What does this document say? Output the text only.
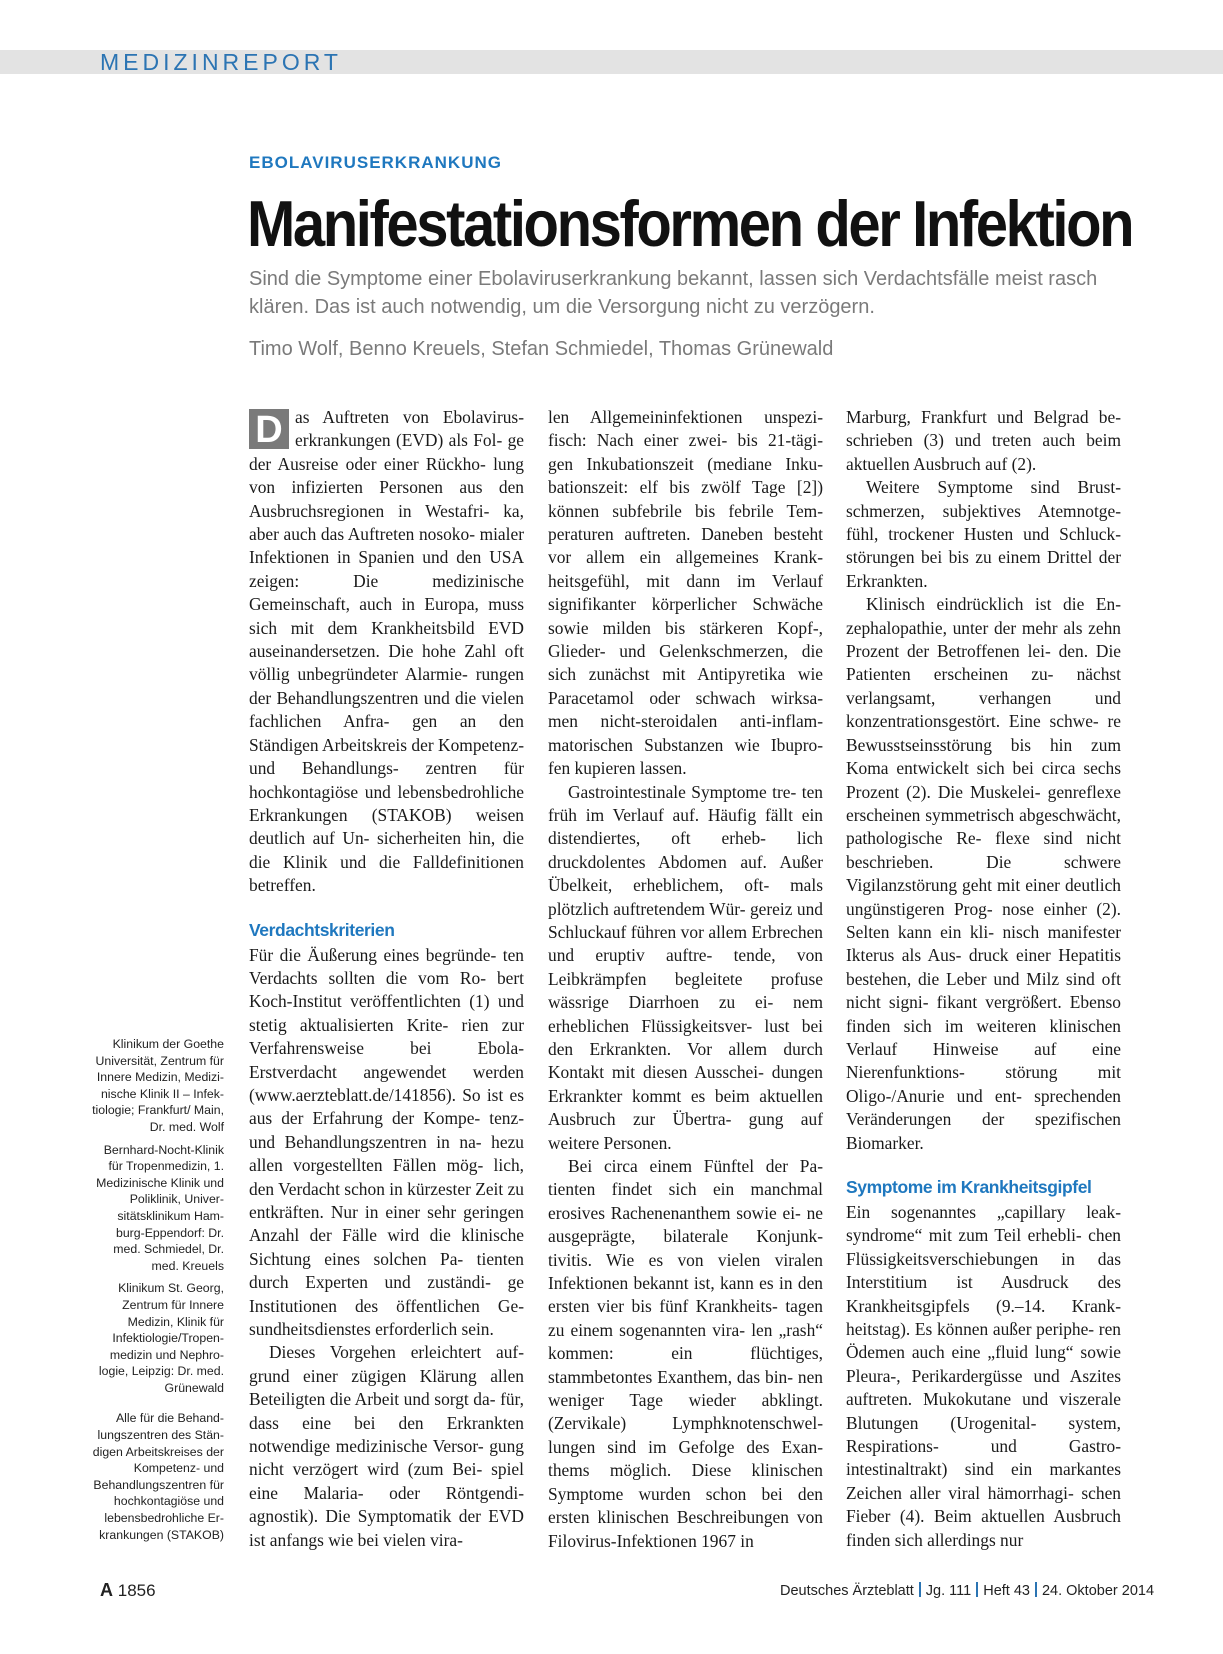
MEDIZINREPORT
EBOLAVIRUSERKRANKUNG
Manifestationsformen der Infektion
Sind die Symptome einer Ebolaviruserkrankung bekannt, lassen sich Verdachtsfälle meist rasch klären. Das ist auch notwendig, um die Versorgung nicht zu verzögern.
Timo Wolf, Benno Kreuels, Stefan Schmiedel, Thomas Grünewald

D as Auftreten von Ebolavirus- erkrankungen (EVD) als Fol- ge der Ausreise oder einer Rückho- lung von infizierten Personen aus den Ausbruchsregionen in Westafri- ka, aber auch das Auftreten nosoko- mialer Infektionen in Spanien und den USA zeigen: Die medizinische Gemeinschaft, auch in Europa, muss sich mit dem Krankheitsbild EVD auseinandersetzen. Die hohe Zahl oft völlig unbegründeter Alarmie- rungen der Behandlungszentren und die vielen fachlichen Anfra- gen an den Ständigen Arbeitskreis der Kompetenz- und Behandlungs- zentren für hochkontagiöse und lebensbedrohliche Erkrankungen (STAKOB) weisen deutlich auf Un- sicherheiten hin, die die Klinik und die Falldefinitionen betreffen.

Verdachtskriterien

Für die Äußerung eines begründe- ten Verdachts sollten die vom Ro- bert Koch-Institut veröffentlichten (1) und stetig aktualisierten Krite- rien zur Verfahrensweise bei Ebola- Erstverdacht angewendet werden (www.aerzteblatt.de/141856). So ist es aus der Erfahrung der Kompe- tenz- und Behandlungszentren in na- hezu allen vorgestellten Fällen mög- lich, den Verdacht schon in kürzester Zeit zu entkräften. Nur in einer sehr geringen Anzahl der Fälle wird die klinische Sichtung eines solchen Pa- tienten durch Experten und zuständi- ge Institutionen des öffentlichen Ge- sundheitsdienstes erforderlich sein.

Dieses Vorgehen erleichtert auf- grund einer zügigen Klärung allen Beteiligten die Arbeit und sorgt da- für, dass eine bei den Erkrankten notwendige medizinische Versor- gung nicht verzögert wird (zum Bei- spiel eine Malaria- oder Röntgendi- agnostik). Die Symptomatik der EVD ist anfangs wie bei vielen vira-

len Allgemeininfektionen unspezi- fisch: Nach einer zwei- bis 21-tägi- gen Inkubationszeit (mediane Inku- bationszeit: elf bis zwölf Tage [2]) können subfebrile bis febrile Tem- peraturen auftreten. Daneben besteht vor allem ein allgemeines Krank- heitsgefühl, mit dann im Verlauf signifikanter körperlicher Schwäche sowie milden bis stärkeren Kopf-, Glieder- und Gelenkschmerzen, die sich zunächst mit Antipyretika wie Paracetamol oder schwach wirksa- men nicht-steroidalen anti-inflam- matorischen Substanzen wie Ibupro- fen kupieren lassen.

Gastrointestinale Symptome tre- ten früh im Verlauf auf. Häufig fällt ein distendiertes, oft erheb- lich druckdolentes Abdomen auf. Außer Übelkeit, erheblichem, oft- mals plötzlich auftretendem Wür- gereiz und Schluckauf führen vor allem Erbrechen und eruptiv auftre- tende, von Leibkrämpfen begleitete profuse wässrige Diarrhoen zu ei- nem erheblichen Flüssigkeitsver- lust bei den Erkrankten. Vor allem durch Kontakt mit diesen Ausschei- dungen Erkrankter kommt es beim aktuellen Ausbruch zur Übertra- gung auf weitere Personen.

Bei circa einem Fünftel der Pa- tienten findet sich ein manchmal erosives Rachenenanthem sowie ei- ne ausgeprägte, bilaterale Konjunk- tivitis. Wie es von vielen viralen Infektionen bekannt ist, kann es in den ersten vier bis fünf Krankheits- tagen zu einem sogenannten vira- len „rash“ kommen: ein flüchtiges, stammbetontes Exanthem, das bin- nen weniger Tage wieder abklingt. (Zervikale) Lymphknotenschwel- lungen sind im Gefolge des Exan- thems möglich. Diese klinischen Symptome wurden schon bei den ersten klinischen Beschreibungen von Filovirus-Infektionen 1967 in

Marburg, Frankfurt und Belgrad be- schrieben (3) und treten auch beim aktuellen Ausbruch auf (2).

Weitere Symptome sind Brust- schmerzen, subjektives Atemnotge- fühl, trockener Husten und Schluck- störungen bei bis zu einem Drittel der Erkrankten.

Klinisch eindrücklich ist die En- zephalopathie, unter der mehr als zehn Prozent der Betroffenen lei- den. Die Patienten erscheinen zu- nächst verlangsamt, verhangen und konzentrationsgestört. Eine schwe- re Bewusstseinsstörung bis hin zum Koma entwickelt sich bei circa sechs Prozent (2). Die Muskelei- genreflexe erscheinen symmetrisch abgeschwächt, pathologische Re- flexe sind nicht beschrieben. Die schwere Vigilanzstörung geht mit einer deutlich ungünstigeren Prog- nose einher (2). Selten kann ein kli- nisch manifester Ikterus als Aus- druck einer Hepatitis bestehen, die Leber und Milz sind oft nicht signi- fikant vergrößert. Ebenso finden sich im weiteren klinischen Verlauf Hinweise auf eine Nierenfunktions- störung mit Oligo-/Anurie und ent- sprechenden Veränderungen der spezifischen Biomarker.

Symptome im Krankheitsgipfel

Ein sogenanntes „capillary leak- syndrome“ mit zum Teil erhebli- chen Flüssigkeitsverschiebungen in das Interstitium ist Ausdruck des Krankheitsgipfels (9.–14. Krank- heitstag). Es können außer periphe- ren Ödemen auch eine „fluid lung“ sowie Pleura-, Perikardergüsse und Aszites auftreten. Mukokutane und viszerale Blutungen (Urogenital- system, Respirations- und Gastro- intestinaltrakt) sind ein markantes Zeichen aller viral hämorrhagi- schen Fieber (4). Beim aktuellen Ausbruch finden sich allerdings nur

Klinikum der Goethe Universität, Zentrum für Innere Medizin, Medizi- nische Klinik II – Infek- tiologie; Frankfurt/ Main, Dr. med. Wolf

Bernhard-Nocht-Klinik für Tropenmedizin, 1. Medizinische Klinik und Poliklinik, Univer- sitätsklinikum Ham- burg-Eppendorf: Dr. med. Schmiedel, Dr. med. Kreuels

Klinikum St. Georg, Zentrum für Innere Medizin, Klinik für Infektiologie/Tropen- medizin und Nephro- logie, Leipzig: Dr. med. Grünewald

Alle für die Behand- lungszentren des Stän- digen Arbeitskreises der Kompetenz- und Behandlungszentren für hochkontagiöse und lebensbedrohliche Er- krankungen (STAKOB)

A 1856	Deutsches Ärzteblatt Jg. 111 Heft 43 24. Oktober 2014
